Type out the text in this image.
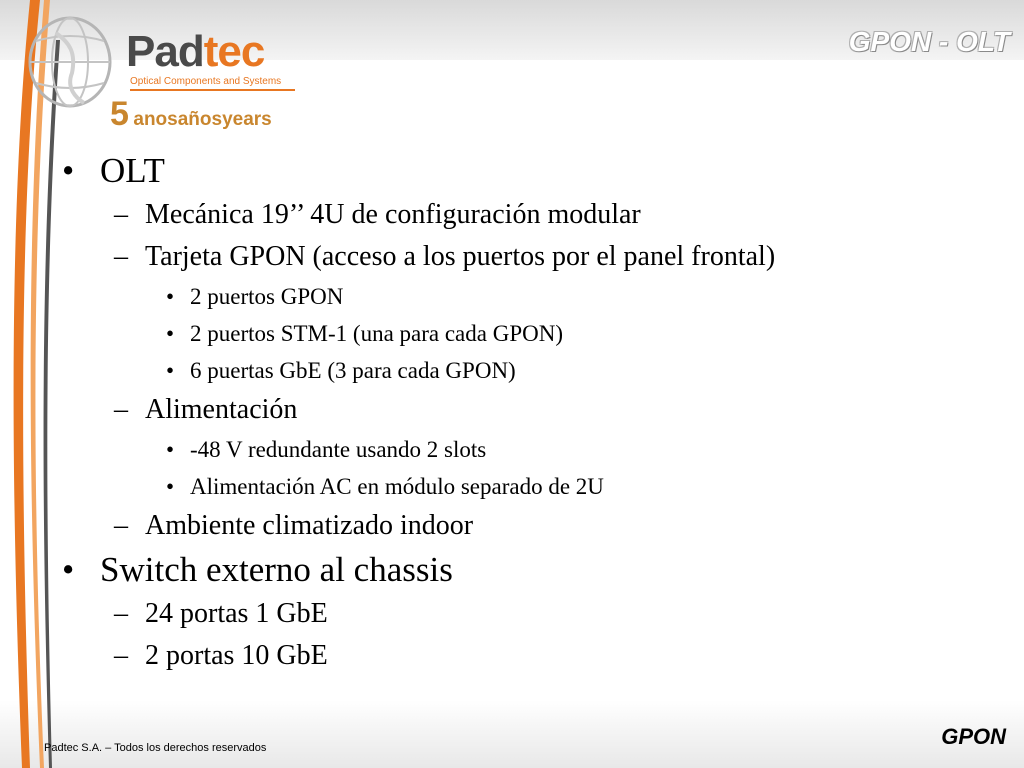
Padtec
Optical Components and Systems
5 anosañosyears
GPON - OLT
• OLT
– Mecánica 19’’ 4U de configuración modular
– Tarjeta GPON (acceso a los puertos por el panel frontal)
• 2 puertos GPON
• 2 puertos STM-1 (una para cada GPON)
• 6 puertas GbE (3 para cada GPON)
– Alimentación
• -48 V redundante usando 2 slots
• Alimentación AC en módulo separado de 2U
– Ambiente climatizado indoor
• Switch externo al chassis
– 24 portas 1 GbE
– 2 portas 10 GbE
Padtec S.A. – Todos los derechos reservados	GPON
